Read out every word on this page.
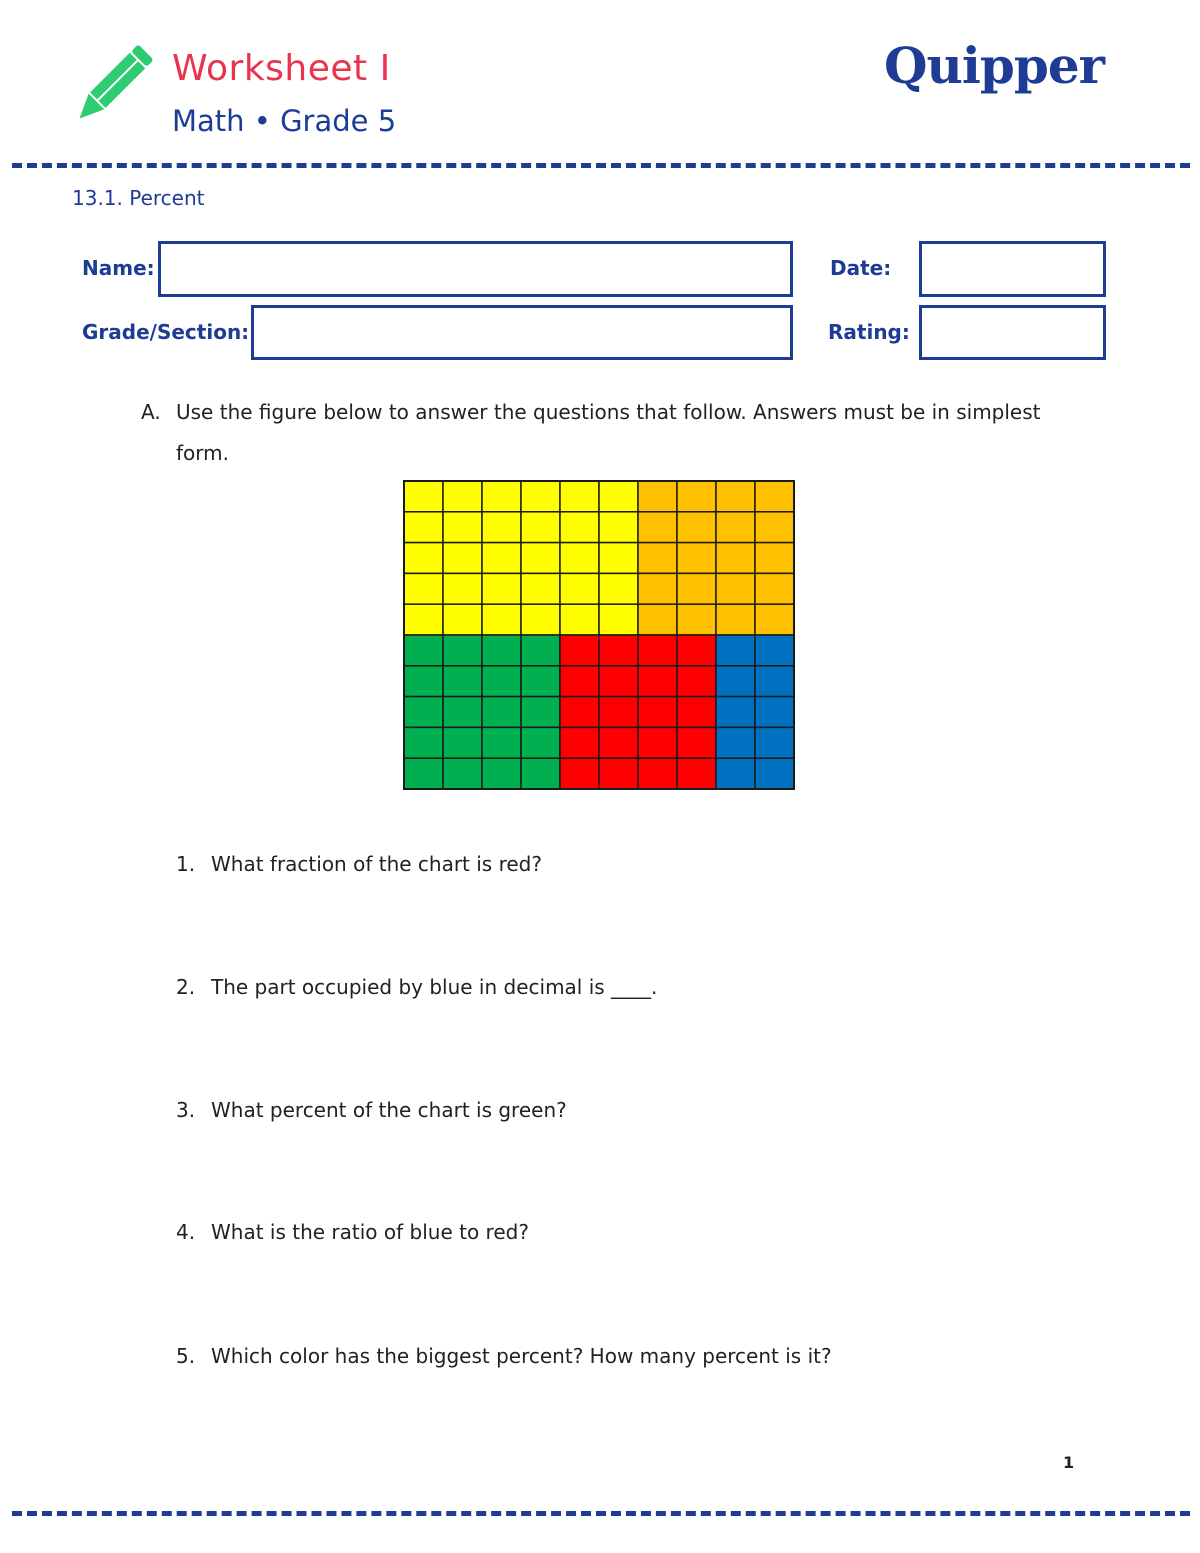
Worksheet I
Math • Grade 5
Quipper
13.1. Percent
Name:	Date:
Grade/Section:	Rating:
A. Use the figure below to answer the questions that follow. Answers must be in simplest form.
1. What fraction of the chart is red?
2. The part occupied by blue in decimal is ____.
3. What percent of the chart is green?
4. What is the ratio of blue to red?
5. Which color has the biggest percent? How many percent is it?
1
